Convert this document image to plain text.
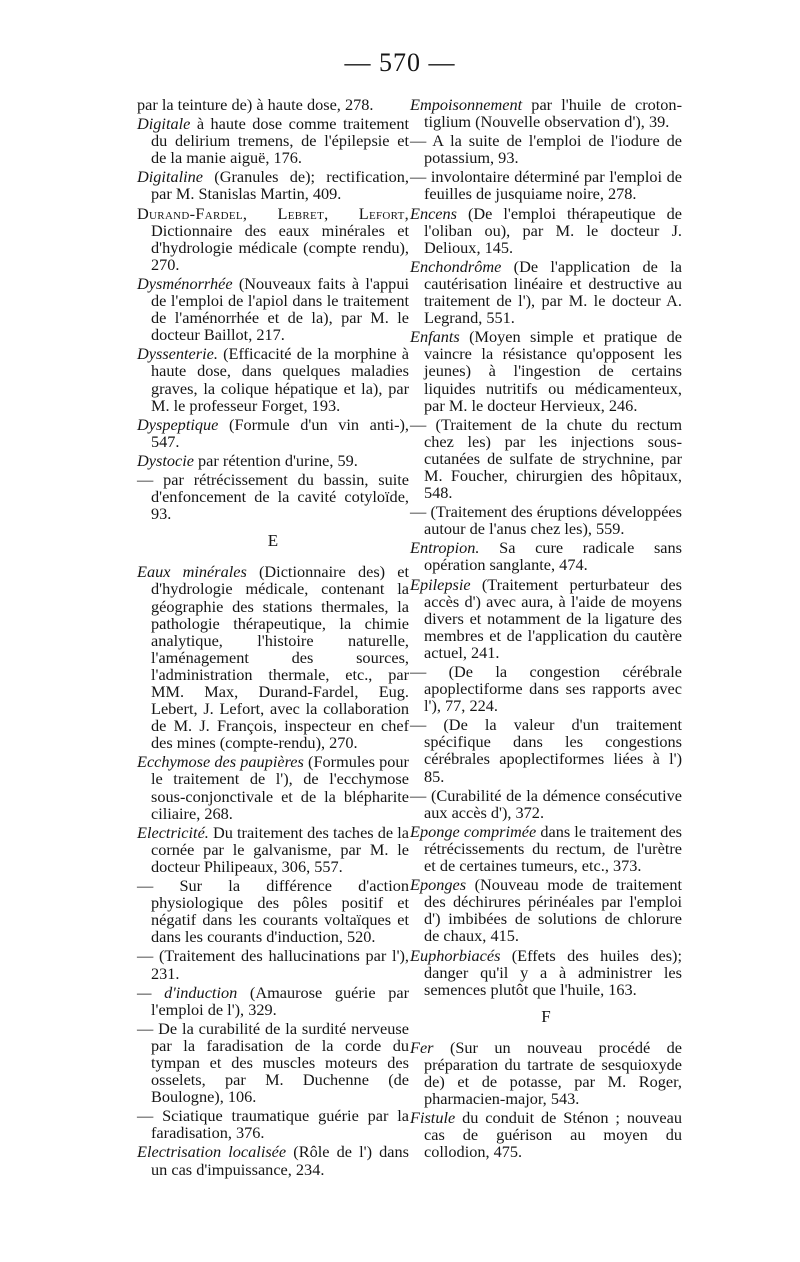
— 570 —

par la teinture de) à haute dose, 278.

Digitale à haute dose comme traitement du delirium tremens, de l'épilepsie et de la manie aiguë, 176.

Digitaline (Granules de); rectification, par M. Stanislas Martin, 409.

Durand-Fardel, Lebret, Lefort, Dictionnaire des eaux minérales et d'hydrologie médicale (compte rendu), 270.

Dysménorrhée (Nouveaux faits à l'appui de l'emploi de l'apiol dans le traitement de l'aménorrhée et de la), par M. le docteur Baillot, 217.

Dyssenterie. (Efficacité de la morphine à haute dose, dans quelques maladies graves, la colique hépatique et la), par M. le professeur Forget, 193.

Dyspeptique (Formule d'un vin anti-), 547.

Dystocie par rétention d'urine, 59.

— par rétrécissement du bassin, suite d'enfoncement de la cavité cotyloïde, 93.

E

Eaux minérales (Dictionnaire des) et d'hydrologie médicale, contenant la géographie des stations thermales, la pathologie thérapeutique, la chimie analytique, l'histoire naturelle, l'aménagement des sources, l'administration thermale, etc., par MM. Max, Durand-Fardel, Eug. Lebert, J. Lefort, avec la collaboration de M. J. François, inspecteur en chef des mines (compte-rendu), 270.

Ecchymose des paupières (Formules pour le traitement de l'), de l'ecchymose sous-conjonctivale et de la blépharite ciliaire, 268.

Electricité. Du traitement des taches de la cornée par le galvanisme, par M. le docteur Philipeaux, 306, 557.

— Sur la différence d'action physiologique des pôles positif et négatif dans les courants voltaïques et dans les courants d'induction, 520.

— (Traitement des hallucinations par l'), 231.

— d'induction (Amaurose guérie par l'emploi de l'), 329.

— De la curabilité de la surdité nerveuse par la faradisation de la corde du tympan et des muscles moteurs des osselets, par M. Duchenne (de Boulogne), 106.

— Sciatique traumatique guérie par la faradisation, 376.

Electrisation localisée (Rôle de l') dans un cas d'impuissance, 234.

Empoisonnement par l'huile de croton-tiglium (Nouvelle observation d'), 39.

— A la suite de l'emploi de l'iodure de potassium, 93.

— involontaire déterminé par l'emploi de feuilles de jusquiame noire, 278.

Encens (De l'emploi thérapeutique de l'oliban ou), par M. le docteur J. Delioux, 145.

Enchondrôme (De l'application de la cautérisation linéaire et destructive au traitement de l'), par M. le docteur A. Legrand, 551.

Enfants (Moyen simple et pratique de vaincre la résistance qu'opposent les jeunes) à l'ingestion de certains liquides nutritifs ou médicamenteux, par M. le docteur Hervieux, 246.

— (Traitement de la chute du rectum chez les) par les injections sous-cutanées de sulfate de strychnine, par M. Foucher, chirurgien des hôpitaux, 548.

— (Traitement des éruptions développées autour de l'anus chez les), 559.

Entropion. Sa cure radicale sans opération sanglante, 474.

Epilepsie (Traitement perturbateur des accès d') avec aura, à l'aide de moyens divers et notamment de la ligature des membres et de l'application du cautère actuel, 241.

— (De la congestion cérébrale apoplectiforme dans ses rapports avec l'), 77, 224.

— (De la valeur d'un traitement spécifique dans les congestions cérébrales apoplectiformes liées à l') 85.

— (Curabilité de la démence consécutive aux accès d'), 372.

Eponge comprimée dans le traitement des rétrécissements du rectum, de l'urètre et de certaines tumeurs, etc., 373.

Eponges (Nouveau mode de traitement des déchirures périnéales par l'emploi d') imbibées de solutions de chlorure de chaux, 415.

Euphorbiacés (Effets des huiles des); danger qu'il y a à administrer les semences plutôt que l'huile, 163.

F

Fer (Sur un nouveau procédé de préparation du tartrate de sesquioxyde de) et de potasse, par M. Roger, pharmacien-major, 543.

Fistule du conduit de Sténon ; nouveau cas de guérison au moyen du collodion, 475.
